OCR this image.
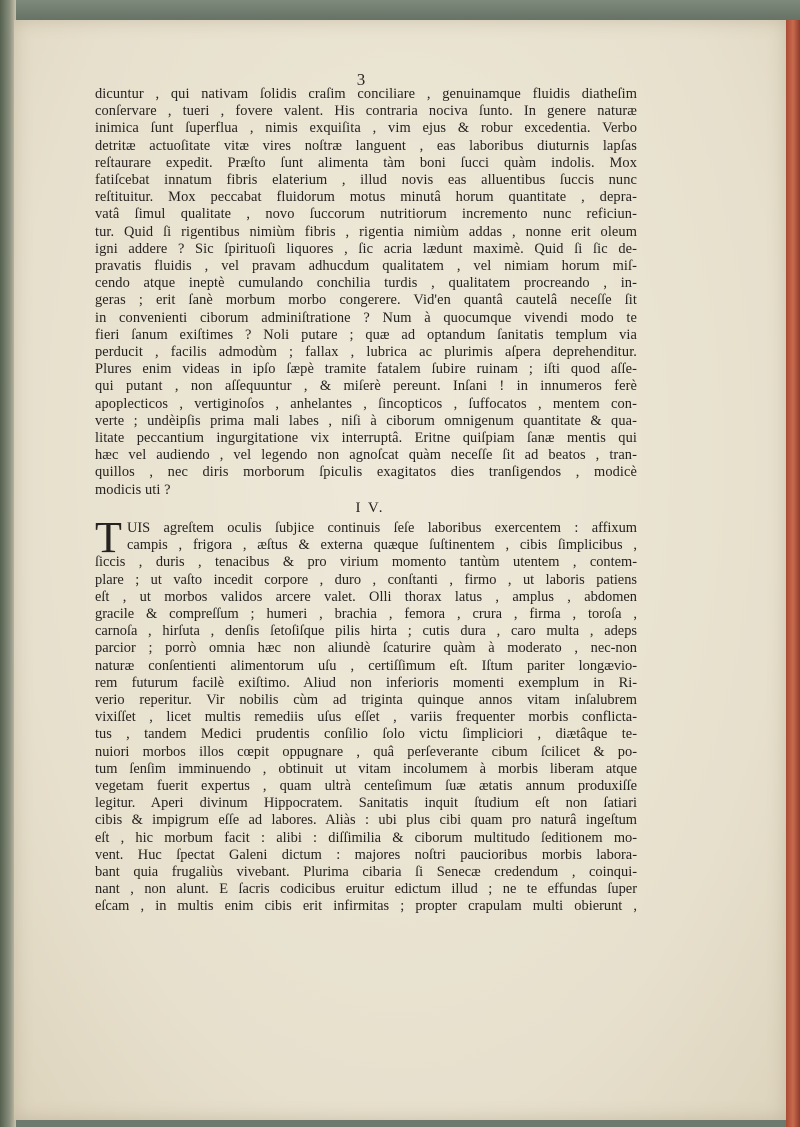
3
dicuntur , qui nativam ſolidis craſim conciliare , genuinamque fluidis diatheſim
conſervare , tueri , fovere valent. His contraria nociva ſunto. In genere naturæ
inimica ſunt ſuperflua , nimis exquiſita , vim ejus & robur excedentia. Verbo
detritæ actuoſitate vitæ vires noſtræ languent , eas laboribus diuturnis lapſas
reſtaurare expedit. Præſto ſunt alimenta tàm boni ſucci quàm indolis. Mox
fatiſcebat innatum fibris elaterium , illud novis eas alluentibus ſuccis nunc
reſtituitur. Mox peccabat fluidorum motus minutâ horum quantitate , depra-
vatâ ſimul qualitate , novo ſuccorum nutritiorum incremento nunc reficiun-
tur. Quid ſi rigentibus nimiùm fibris , rigentia nimiùm addas , nonne erit oleum
igni addere ? Sic ſpirituoſi liquores , ſic acria lædunt maximè. Quid ſi ſic de-
pravatis fluidis , vel pravam adhucdum qualitatem , vel nimiam horum miſ-
cendo atque ineptè cumulando conchilia turdis , qualitatem procreando , in-
geras ; erit ſanè morbum morbo congerere. Vid'en quantâ cautelâ neceſſe ſit
in convenienti ciborum adminiſtratione ? Num à quocumque vivendi modo te
fieri ſanum exiſtimes ? Noli putare ; quæ ad optandum ſanitatis templum via
perducit , facilis admodùm ; fallax , lubrica ac plurimis aſpera deprehenditur.
Plures enim videas in ipſo ſæpè tramite fatalem ſubire ruinam ; iſti quod aſſe-
qui putant , non aſſequuntur , & miſerè pereunt. Inſani ! in innumeros ferè
apoplecticos , vertiginoſos , anhelantes , ſincopticos , ſuffocatos , mentem con-
verte ; undèipſis prima mali labes , niſi à ciborum omnigenum quantitate & qua-
litate peccantium ingurgitatione vix interruptâ. Eritne quiſpiam ſanæ mentis qui
hæc vel audiendo , vel legendo non agnoſcat quàm neceſſe ſit ad beatos , tran-
quillos , nec diris morborum ſpiculis exagitatos dies tranſigendos , modicè
modicis uti ?
I V.
T UIS agreſtem oculis ſubjice continuis ſeſe laboribus exercentem : affixum
campis , frigora , æſtus & externa quæque ſuſtinentem , cibis ſimplicibus ,
ſiccis , duris , tenacibus & pro virium momento tantùm utentem , contem-
plare ; ut vaſto incedit corpore , duro , conſtanti , firmo , ut laboris patiens
eſt , ut morbos validos arcere valet. Olli thorax latus , amplus , abdomen
gracile & compreſſum ; humeri , brachia , femora , crura , firma , toroſa ,
carnoſa , hirſuta , denſis ſetoſiſque pilis hirta ; cutis dura , caro multa , adeps
parcior ; porrò omnia hæc non aliundè ſcaturire quàm à moderato , nec-non
naturæ conſentienti alimentorum uſu , certiſſimum eſt. Iſtum pariter longævio-
rem futurum facilè exiſtimo. Aliud non inferioris momenti exemplum in Ri-
verio reperitur. Vir nobilis cùm ad triginta quinque annos vitam inſalubrem
vixiſſet , licet multis remediis uſus eſſet , variis frequenter morbis conflicta-
tus , tandem Medici prudentis conſilio ſolo victu ſimpliciori , diætâque te-
nuiori morbos illos cœpit oppugnare , quâ perſeverante cibum ſcilicet & po-
tum ſenſim imminuendo , obtinuit ut vitam incolumem à morbis liberam atque
vegetam fuerit expertus , quam ultrà centeſimum ſuæ ætatis annum produxiſſe
legitur. Aperi divinum Hippocratem. Sanitatis inquit ſtudium eſt non ſatiari
cibis & impigrum eſſe ad labores. Aliàs : ubi plus cibi quam pro naturâ ingeſtum
eſt , hic morbum facit : alibi : diſſimilia & ciborum multitudo ſeditionem mo-
vent. Huc ſpectat Galeni dictum : majores noſtri paucioribus morbis labora-
bant quia frugaliùs vivebant. Plurima cibaria ſi Senecæ credendum , coinqui-
nant , non alunt. E ſacris codicibus eruitur edictum illud ; ne te effundas ſuper
eſcam , in multis enim cibis erit infirmitas ; propter crapulam multi obierunt ,
